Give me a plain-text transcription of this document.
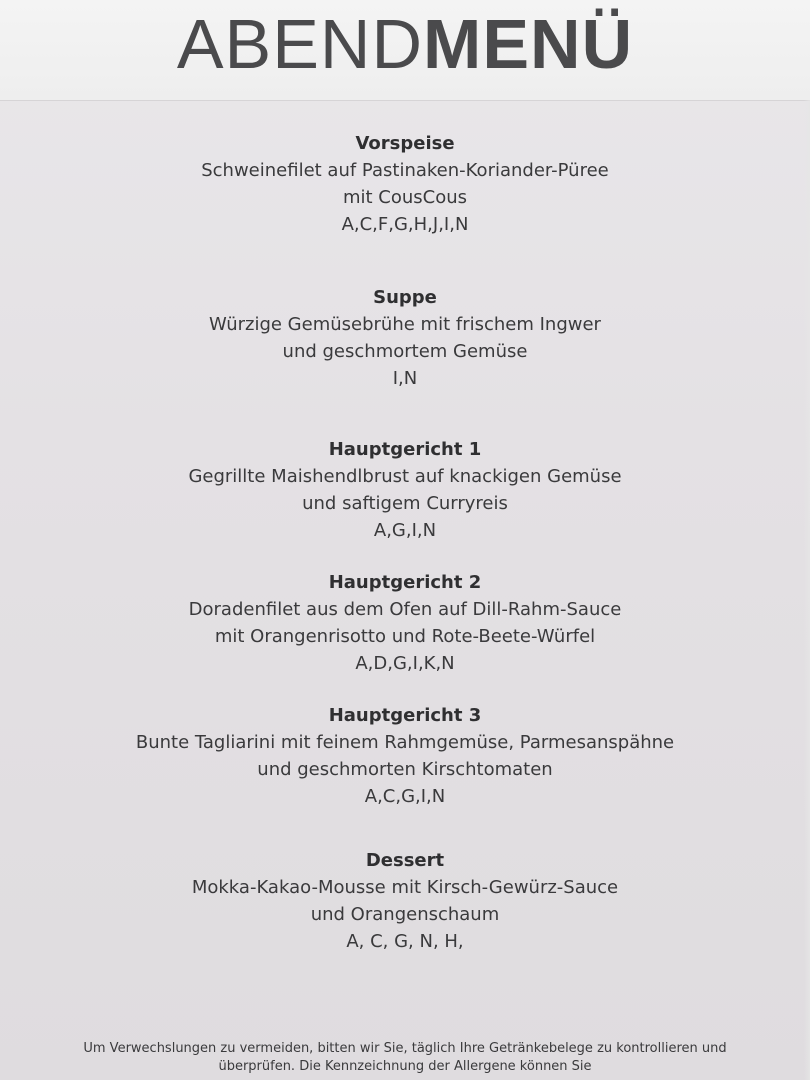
ABENDMENÜ
Vorspeise
Schweinefilet auf Pastinaken-Koriander-Püree
mit CousCous
A,C,F,G,H,J,I,N
Suppe
Würzige Gemüsebrühe mit frischem Ingwer
und geschmortem Gemüse
I,N
Hauptgericht 1
Gegrillte Maishendlbrust auf knackigen Gemüse
und saftigem Curryreis
A,G,I,N
Hauptgericht 2
Doradenfilet aus dem Ofen auf Dill-Rahm-Sauce
mit Orangenrisotto und Rote-Beete-Würfel
A,D,G,I,K,N
Hauptgericht 3
Bunte Tagliarini mit feinem Rahmgemüse, Parmesanspähne
und geschmorten Kirschtomaten
A,C,G,I,N
Dessert
Mokka-Kakao-Mousse mit Kirsch-Gewürz-Sauce
und Orangenschaum
A, C, G, N, H,
Um Verwechslungen zu vermeiden, bitten wir Sie, täglich Ihre Getränkebelege zu kontrollieren und
überprüfen. Die Kennzeichnung der Allergene können Sie
